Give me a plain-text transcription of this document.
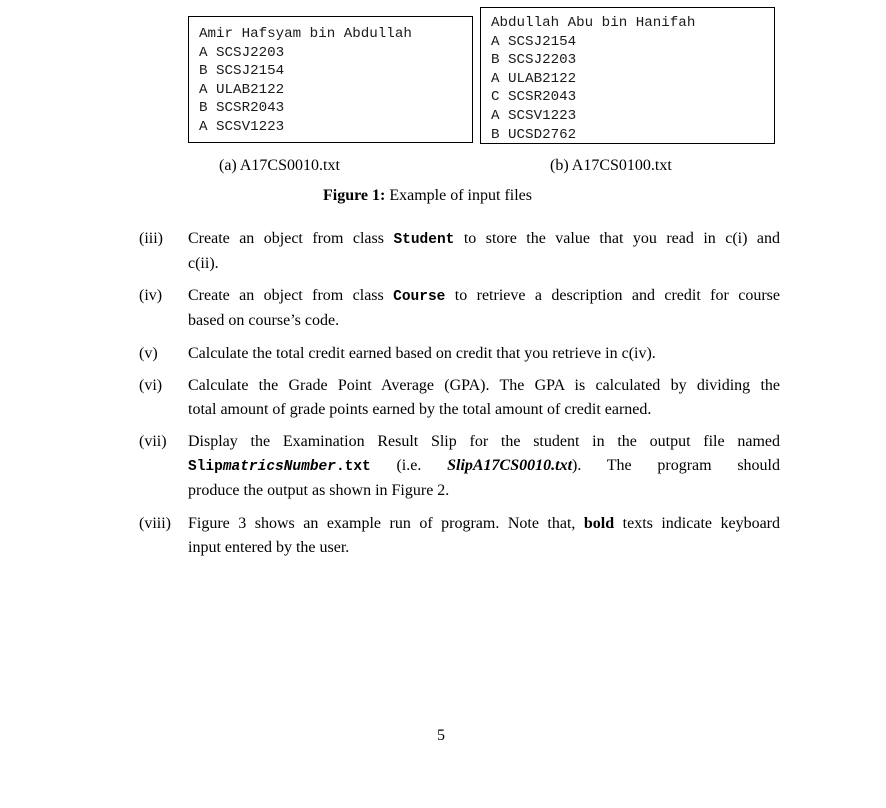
Amir Hafsyam bin Abdullah
A SCSJ2203
B SCSJ2154
A ULAB2122
B SCSR2043
A SCSV1223
Abdullah Abu bin Hanifah
A SCSJ2154
B SCSJ2203
A ULAB2122
C SCSR2043
A SCSV1223
B UCSD2762
(a) A17CS0010.txt	(b) A17CS0100.txt
Figure 1: Example of input files
(iii) Create an object from class Student to store the value that you read in c(i) and
c(ii).
(iv) Create an object from class Course to retrieve a description and credit for course
based on course’s code.
(v) Calculate the total credit earned based on credit that you retrieve in c(iv).
(vi) Calculate the Grade Point Average (GPA). The GPA is calculated by dividing the
total amount of grade points earned by the total amount of credit earned.
(vii) Display the Examination Result Slip for the student in the output file named
SlipmatricsNumber.txt (i.e. SlipA17CS0010.txt). The program should
produce the output as shown in Figure 2.
(viii) Figure 3 shows an example run of program. Note that, bold texts indicate keyboard
input entered by the user.
5
